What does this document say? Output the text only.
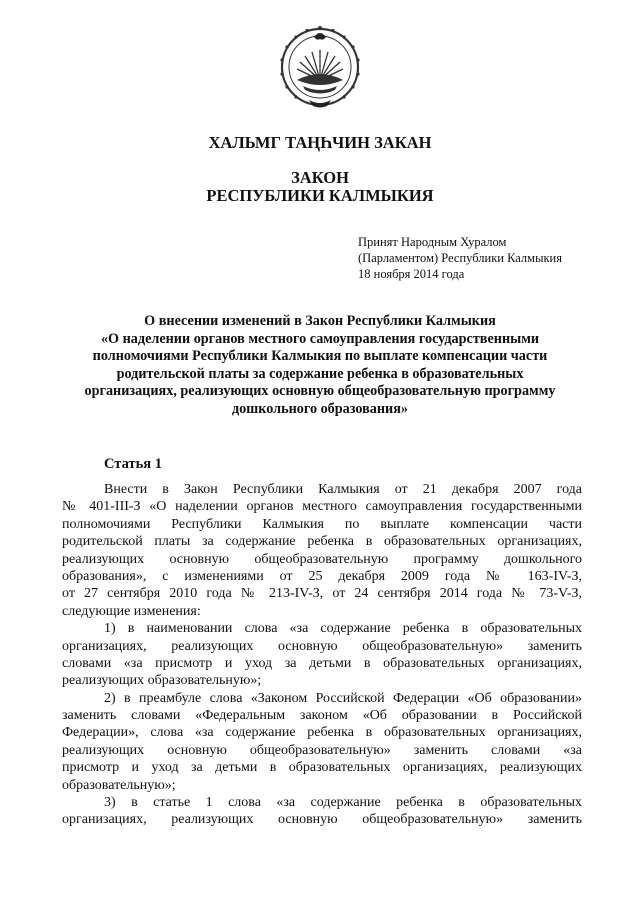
ХАЛЬМГ ТАҢҺЧИН ЗАКАН
ЗАКОН
РЕСПУБЛИКИ КАЛМЫКИЯ
Принят Народным Хуралом
(Парламентом) Республики Калмыкия
18 ноября 2014 года
О внесении изменений в Закон Республики Калмыкия
«О наделении органов местного самоуправления государственными
полномочиями Республики Калмыкия по выплате компенсации части
родительской платы за содержание ребенка в образовательных
организациях, реализующих основную общеобразовательную программу
дошкольного образования»
Статья 1
Внести в Закон Республики Калмыкия от 21 декабря 2007 года
№ 401-III-З «О наделении органов местного самоуправления государственными
полномочиями Республики Калмыкия по выплате компенсации части
родительской платы за содержание ребенка в образовательных организациях,
реализующих основную общеобразовательную программу дошкольного
образования», с изменениями от 25 декабря 2009 года № 163-IV-З,
от 27 сентября 2010 года № 213-IV-З, от 24 сентября 2014 года № 73-V-З,
следующие изменения:
1) в наименовании слова «за содержание ребенка в образовательных
организациях, реализующих основную общеобразовательную» заменить
словами «за присмотр и уход за детьми в образовательных организациях,
реализующих образовательную»;
2) в преамбуле слова «Законом Российской Федерации «Об образовании»
заменить словами «Федеральным законом «Об образовании в Российской
Федерации», слова «за содержание ребенка в образовательных организациях,
реализующих основную общеобразовательную» заменить словами «за
присмотр и уход за детьми в образовательных организациях, реализующих
образовательную»;
3) в статье 1 слова «за содержание ребенка в образовательных
организациях, реализующих основную общеобразовательную» заменить
